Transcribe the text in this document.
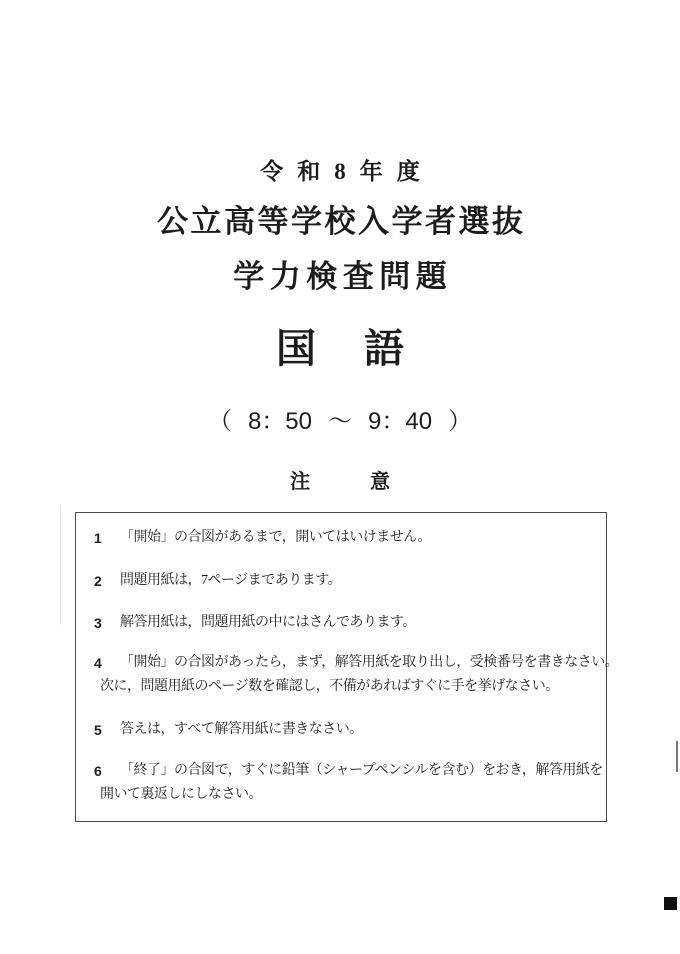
令和8年度
公立高等学校入学者選抜
学力検査問題
国 語
（ 8：50 ～ 9：40 ）
注	意
1 「開始」の合図があるまで，開いてはいけません。
2 問題用紙は，7ページまであります。
3 解答用紙は，問題用紙の中にはさんであります。
4 「開始」の合図があったら，まず，解答用紙を取り出し，受検番号を書きなさい。
次に，問題用紙のページ数を確認し，不備があればすぐに手を挙げなさい。
5 答えは，すべて解答用紙に書きなさい。
6 「終了」の合図で，すぐに鉛筆（シャープペンシルを含む）をおき，解答用紙を
開いて裏返しにしなさい。
